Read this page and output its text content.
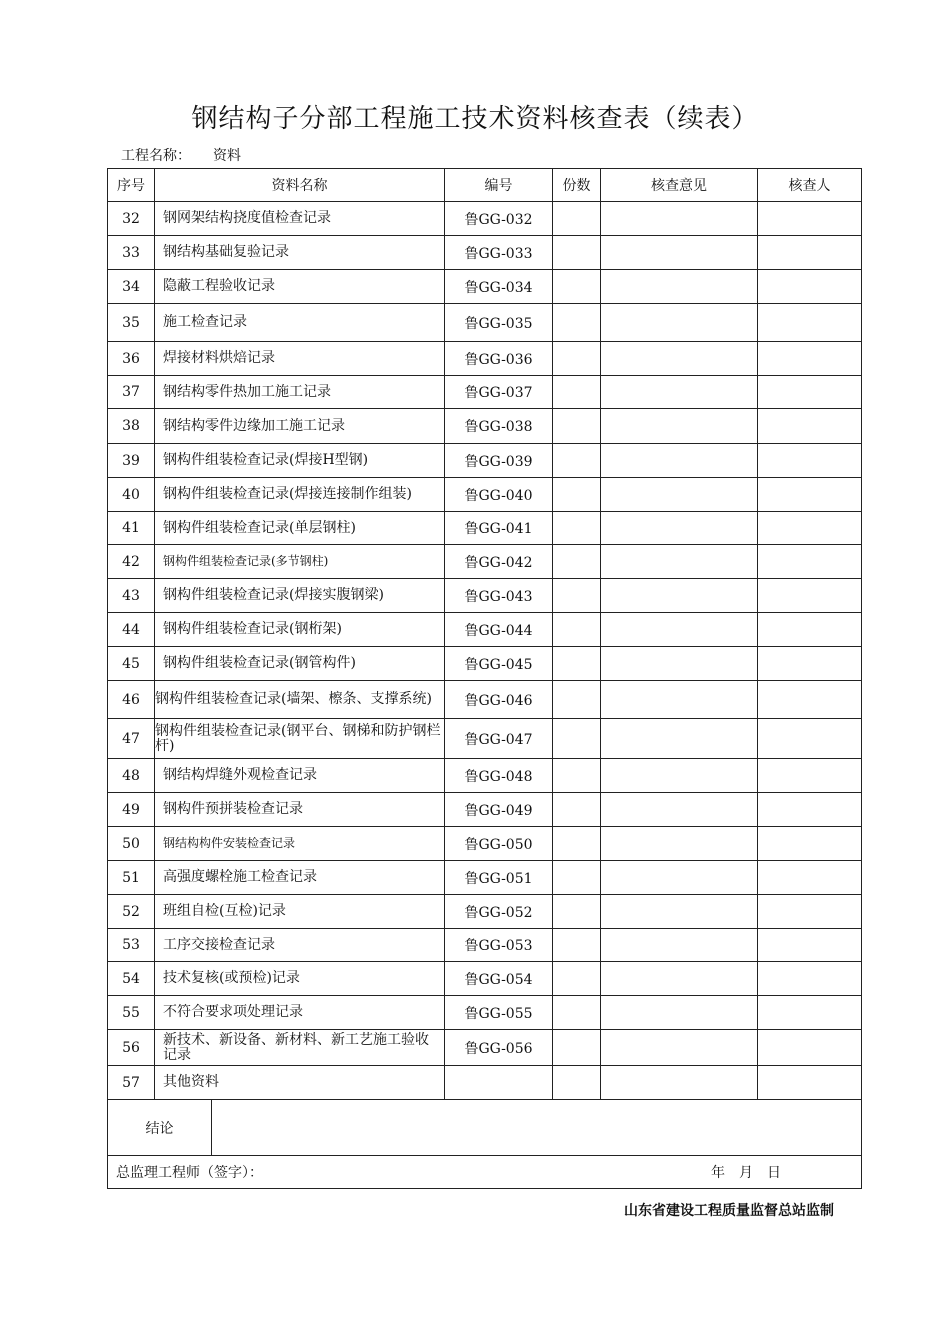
钢结构子分部工程施工技术资料核查表（续表）
工程名称： 资料
序号	资料名称	编号	份数	核查意见	核查人
32	钢网架结构挠度值检查记录	鲁GG-032			
33	钢结构基础复验记录	鲁GG-033			
34	隐蔽工程验收记录	鲁GG-034			
35	施工检查记录	鲁GG-035			
36	焊接材料烘焙记录	鲁GG-036			
37	钢结构零件热加工施工记录	鲁GG-037			
38	钢结构零件边缘加工施工记录	鲁GG-038			
39	钢构件组装检查记录(焊接H型钢)	鲁GG-039			
40	钢构件组装检查记录(焊接连接制作组装)	鲁GG-040			
41	钢构件组装检查记录(单层钢柱)	鲁GG-041			
42	钢构件组装检查记录(多节钢柱)	鲁GG-042			
43	钢构件组装检查记录(焊接实腹钢梁)	鲁GG-043			
44	钢构件组装检查记录(钢桁架)	鲁GG-044			
45	钢构件组装检查记录(钢管构件)	鲁GG-045			
46	钢构件组装检查记录(墙架、檫条、支撑系统)	鲁GG-046			
47	钢构件组装检查记录(钢平台、钢梯和防护钢栏杆)	鲁GG-047			
48	钢结构焊缝外观检查记录	鲁GG-048			
49	钢构件预拼装检查记录	鲁GG-049			
50	钢结构构件安装检查记录	鲁GG-050			
51	高强度螺栓施工检查记录	鲁GG-051			
52	班组自检(互检)记录	鲁GG-052			
53	工序交接检查记录	鲁GG-053			
54	技术复核(或预检)记录	鲁GG-054			
55	不符合要求项处理记录	鲁GG-055			
56	新技术、新设备、新材料、新工艺施工验收记录	鲁GG-056			
57	其他资料				

结论					

总监理工程师（签字）： 年　月　日					
山东省建设工程质量监督总站监制
